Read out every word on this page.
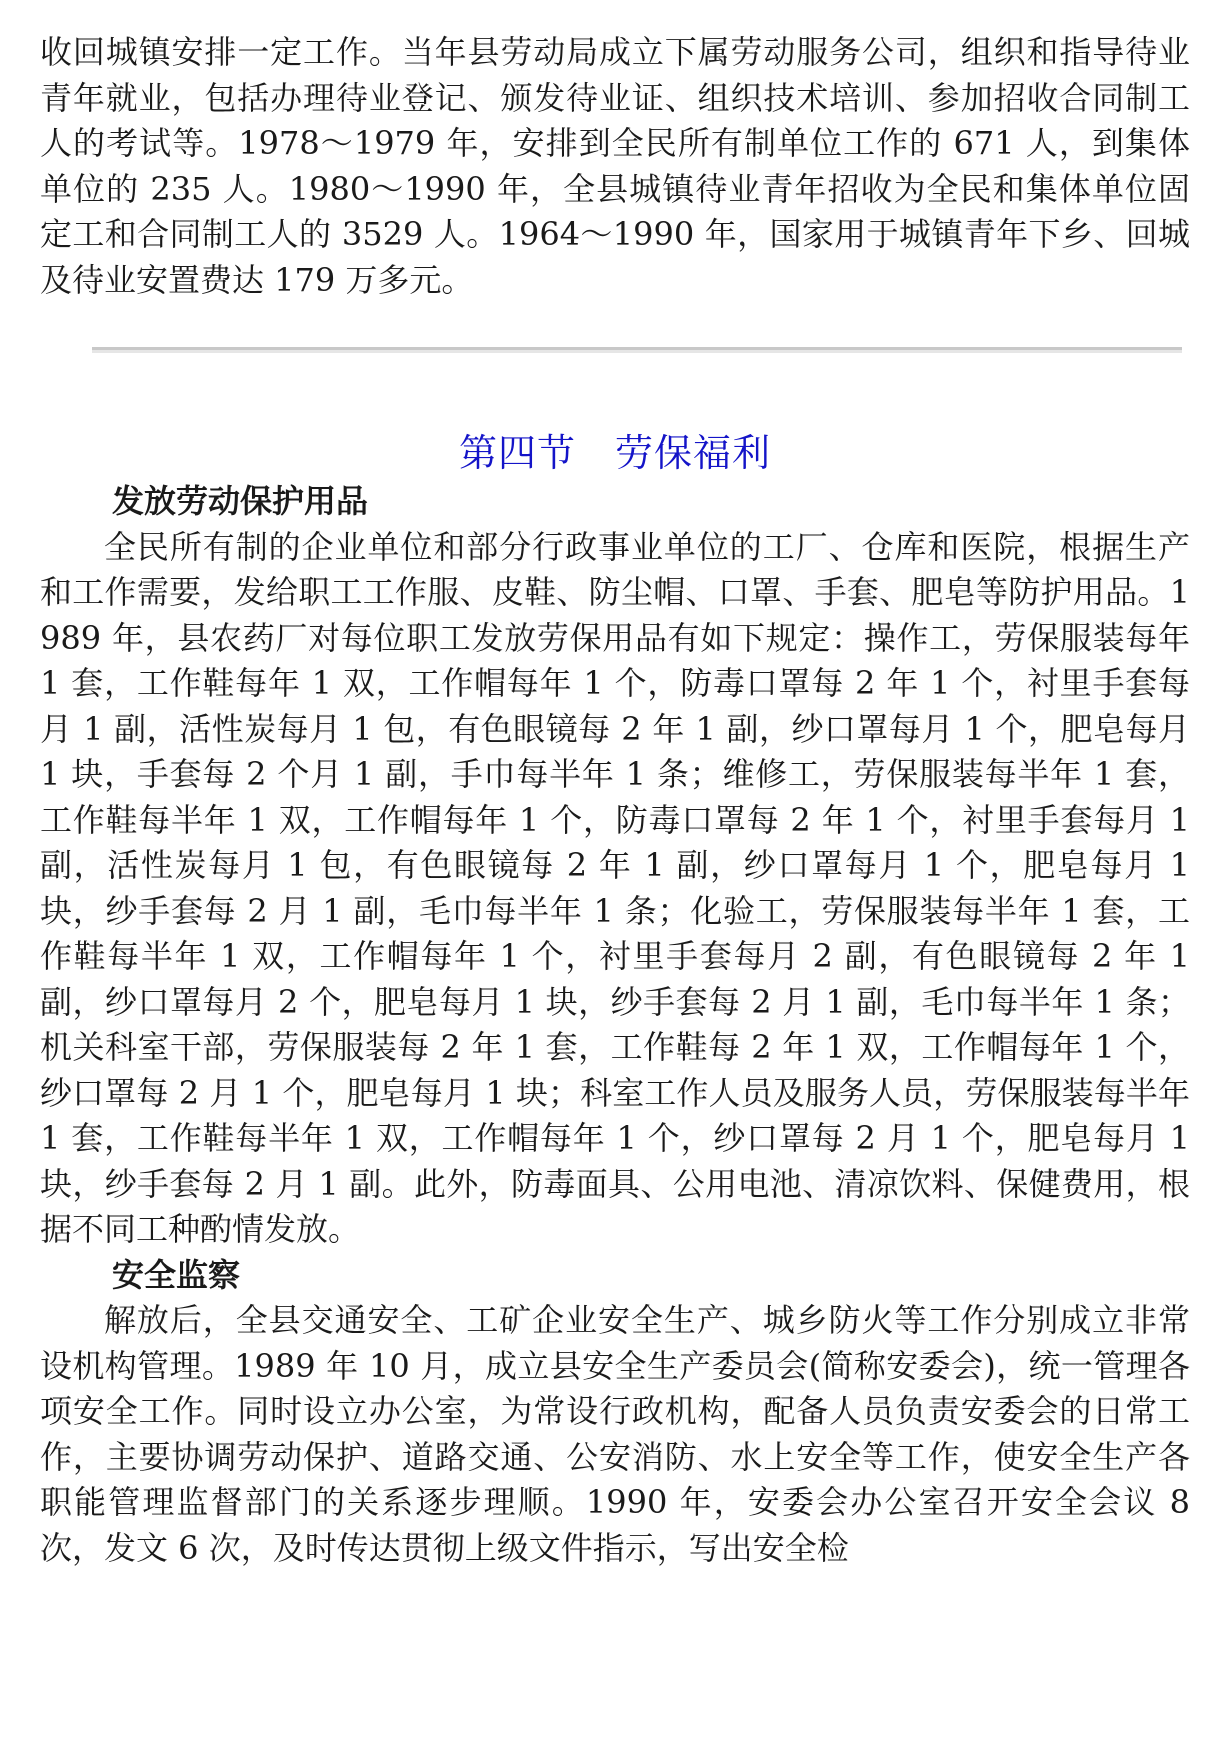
收回城镇安排一定工作。当年县劳动局成立下属劳动服务公司，组织和指导待业青年就业，包括办理待业登记、颁发待业证、组织技术培训、参加招收合同制工人的考试等。1978～1979 年，安排到全民所有制单位工作的 671 人，到集体单位的 235 人。1980～1990 年，全县城镇待业青年招收为全民和集体单位固定工和合同制工人的 3529 人。1964～1990 年，国家用于城镇青年下乡、回城及待业安置费达 179 万多元。

第四节　劳保福利
发放劳动保护用品

全民所有制的企业单位和部分行政事业单位的工厂、仓库和医院，根据生产和工作需要，发给职工工作服、皮鞋、防尘帽、口罩、手套、肥皂等防护用品。1989 年，县农药厂对每位职工发放劳保用品有如下规定：操作工，劳保服装每年 1 套，工作鞋每年 1 双，工作帽每年 1 个，防毒口罩每 2 年 1 个，衬里手套每月 1 副，活性炭每月 1 包，有色眼镜每 2 年 1 副，纱口罩每月 1 个，肥皂每月 1 块，手套每 2 个月 1 副，手巾每半年 1 条；维修工，劳保服装每半年 1 套，工作鞋每半年 1 双，工作帽每年 1 个，防毒口罩每 2 年 1 个，衬里手套每月 1 副，活性炭每月 1 包，有色眼镜每 2 年 1 副，纱口罩每月 1 个，肥皂每月 1 块，纱手套每 2 月 1 副，毛巾每半年 1 条；化验工，劳保服装每半年 1 套，工作鞋每半年 1 双，工作帽每年 1 个，衬里手套每月 2 副，有色眼镜每 2 年 1 副，纱口罩每月 2 个，肥皂每月 1 块，纱手套每 2 月 1 副，毛巾每半年 1 条；机关科室干部，劳保服装每 2 年 1 套，工作鞋每 2 年 1 双，工作帽每年 1 个，纱口罩每 2 月 1 个，肥皂每月 1 块；科室工作人员及服务人员，劳保服装每半年 1 套，工作鞋每半年 1 双，工作帽每年 1 个，纱口罩每 2 月 1 个，肥皂每月 1 块，纱手套每 2 月 1 副。此外，防毒面具、公用电池、清凉饮料、保健费用，根据不同工种酌情发放。

安全监察

解放后，全县交通安全、工矿企业安全生产、城乡防火等工作分别成立非常设机构管理。1989 年 10 月，成立县安全生产委员会(简称安委会)，统一管理各项安全工作。同时设立办公室，为常设行政机构，配备人员负责安委会的日常工作，主要协调劳动保护、道路交通、公安消防、水上安全等工作，使安全生产各职能管理监督部门的关系逐步理顺。1990 年，安委会办公室召开安全会议 8 次，发文 6 次，及时传达贯彻上级文件指示，写出安全检
